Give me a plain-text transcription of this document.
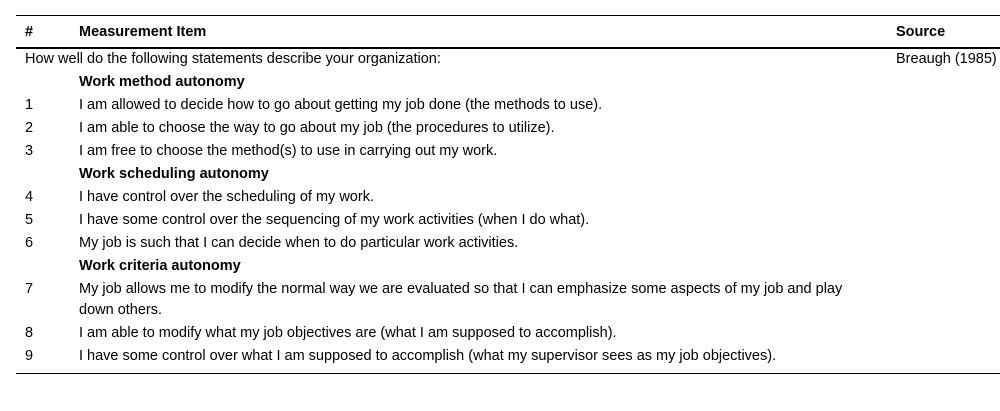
#	Measurement Item	Source
How well do the following statements describe your organization:		Breaugh (1985)
	Work method autonomy	
1	I am allowed to decide how to go about getting my job done (the methods to use).	
2	I am able to choose the way to go about my job (the procedures to utilize).	
3	I am free to choose the method(s) to use in carrying out my work.	
	Work scheduling autonomy	
4	I have control over the scheduling of my work.	
5	I have some control over the sequencing of my work activities (when I do what).	
6	My job is such that I can decide when to do particular work activities.	
	Work criteria autonomy	
7	My job allows me to modify the normal way we are evaluated so that I can emphasize some aspects of my job and play down others.	
8	I am able to modify what my job objectives are (what I am supposed to accomplish).	
9	I have some control over what I am supposed to accomplish (what my supervisor sees as my job objectives).	
